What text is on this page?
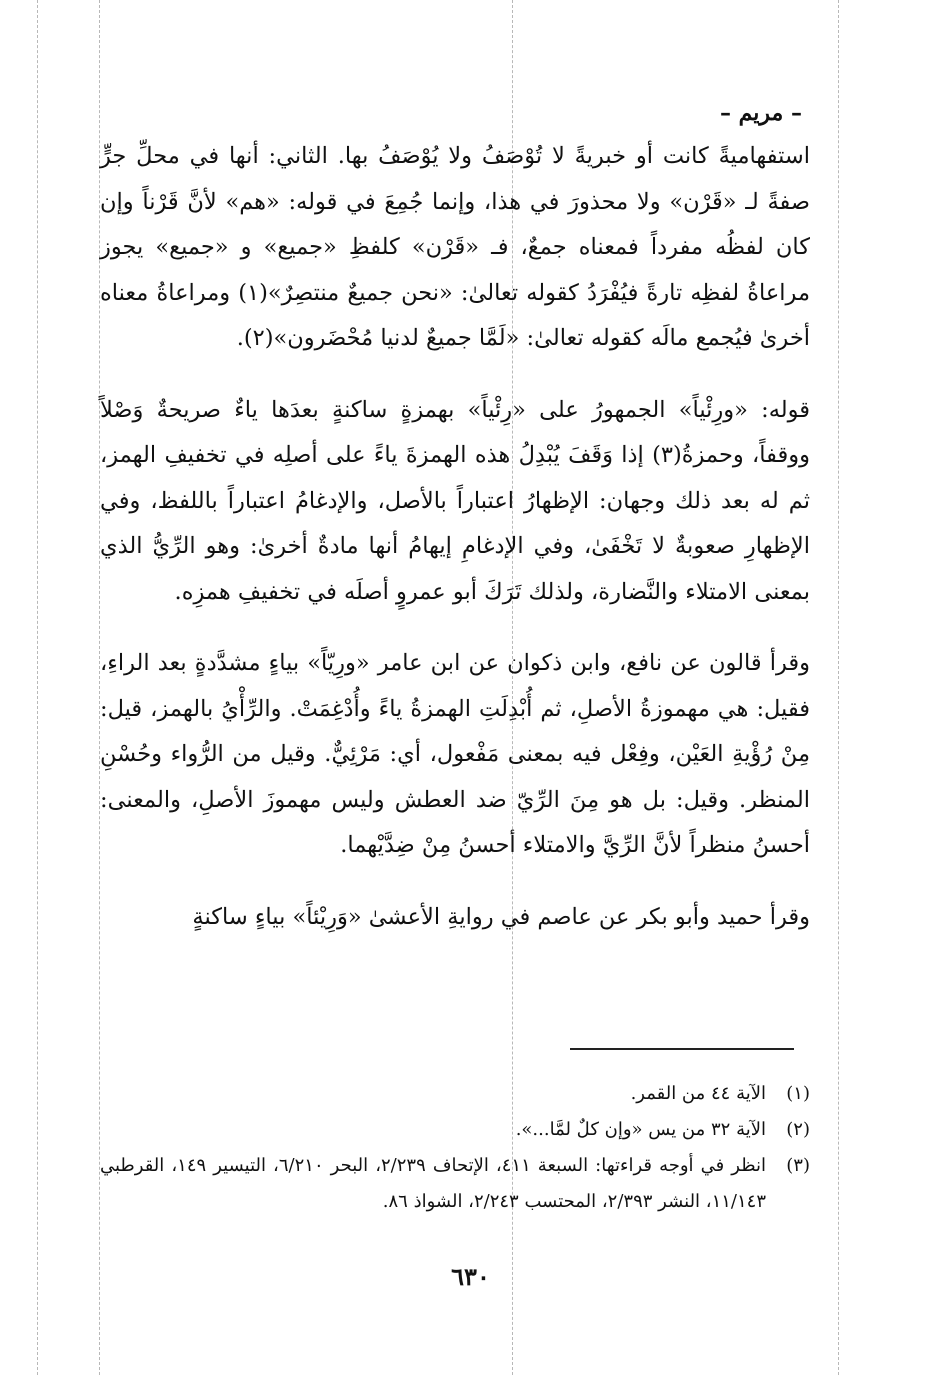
– مريم –

استفهاميةً كانت أو خبريةً لا تُوْصَفُ ولا يُوْصَفُ بها. الثاني: أنها في محلِّ جرٍّ صفةً لـ «قَرْن» ولا محذورَ في هذا، وإنما جُمِعَ في قوله: «هم» لأنَّ قَرْناً وإن كان لفظُه مفرداً فمعناه جمعٌ، فـ «قَرْن» كلفظِ «جميع» و «جميع» يجوز مراعاةُ لفظِه تارةً فيُفْرَدُ كقوله تعالىٰ: «نحن جميعٌ منتصِرٌ»(١) ومراعاةُ معناه أخرىٰ فيُجمع مالَه كقوله تعالىٰ: «لَمَّا جميعٌ لدنيا مُحْضَرون»(٢).

قوله: «ورِئْياً» الجمهورُ على «رِئْياً» بهمزةٍ ساكنةٍ بعدَها ياءٌ صريحةٌ وَصْلاً ووقفاً، وحمزةُ(٣) إذا وَقَفَ يُبْدِلُ هذه الهمزةَ ياءً على أصلِه في تخفيفِ الهمز، ثم له بعد ذلك وجهان: الإظهارُ اعتباراً بالأصل، والإدغامُ اعتباراً باللفظ، وفي الإظهارِ صعوبةٌ لا تَخْفَىٰ، وفي الإدغامِ إيهامُ أنها مادةٌ أخرىٰ: وهو الرِّيُّ الذي بمعنى الامتلاء والنَّضارة، ولذلك تَرَكَ أبو عمروٍ أصلَه في تخفيفِ همزِه.

وقرأ قالون عن نافع، وابن ذكوان عن ابن عامر «ورِيّاً» بياءٍ مشدَّدةٍ بعد الراءِ، فقيل: هي مهموزةُ الأصلِ، ثم أُبْدِلَتِ الهمزةُ ياءً وأُدْغِمَتْ. والرِّأْيُ بالهمز، قيل: مِنْ رُؤْيةِ العَيْن، وفِعْل فيه بمعنى مَفْعول، أي: مَرْئِيٌّ. وقيل من الرُّواء وحُسْنِ المنظر. وقيل: بل هو مِنَ الرِّيّ ضد العطش وليس مهموزَ الأصلِ، والمعنى: أحسنُ منظراً لأنَّ الرِّيَّ والامتلاء أحسنُ مِنْ ضِدَّيْهما.

وقرأ حميد وأبو بكر عن عاصم في روايةِ الأعشىٰ «وَرِيْئاً» بياءٍ ساكنةٍ

(١)
الآية ٤٤ من القمر.
(٢)
الآية ٣٢ من يس «وإن كلٌ لمَّا...».
(٣)
انظر في أوجه قراءتها: السبعة ٤١١، الإتحاف ٢/٢٣٩، البحر ٦/٢١٠، التيسير ١٤٩، القرطبي ١١/١٤٣، النشر ٢/٣٩٣، المحتسب ٢/٢٤٣، الشواذ ٨٦.
٦٣٠
